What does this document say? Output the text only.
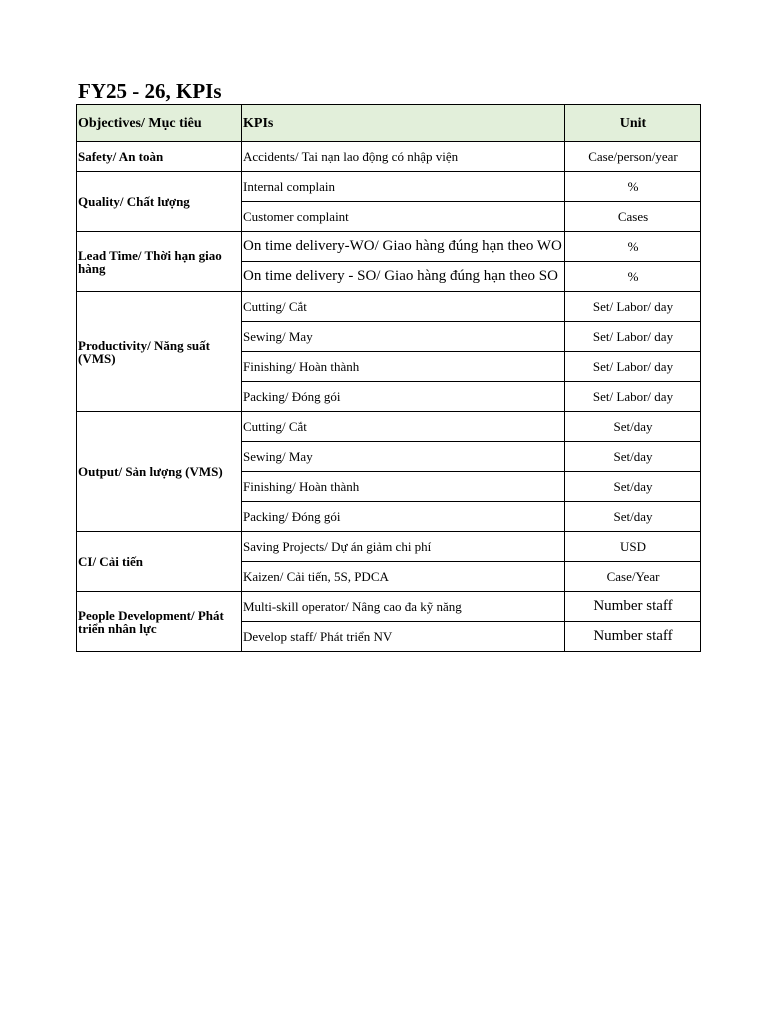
FY25 - 26, KPIs
Objectives/ Mục tiêu	KPIs	Unit
Safety/ An toàn	Accidents/ Tai nạn lao động có nhập viện	Case/person/year
Quality/ Chất lượng	Internal complain	%
	Customer complaint	Cases
Lead Time/ Thời hạn giao hàng	On time delivery-WO/ Giao hàng đúng hạn theo WO	%
	On time delivery - SO/ Giao hàng đúng hạn theo SO	%
Productivity/ Năng suất (VMS)	Cutting/ Cắt	Set/ Labor/ day
	Sewing/ May	Set/ Labor/ day
	Finishing/ Hoàn thành	Set/ Labor/ day
	Packing/ Đóng gói	Set/ Labor/ day
Output/ Sản lượng (VMS)	Cutting/ Cắt	Set/day
	Sewing/ May	Set/day
	Finishing/ Hoàn thành	Set/day
	Packing/ Đóng gói	Set/day
CI/ Cải tiến	Saving Projects/ Dự án giảm chi phí	USD
	Kaizen/ Cải tiến, 5S, PDCA	Case/Year
People Development/ Phát triển nhân lực	Multi-skill operator/ Nâng cao đa kỹ năng	Number staff
	Develop staff/ Phát triển NV	Number staff
